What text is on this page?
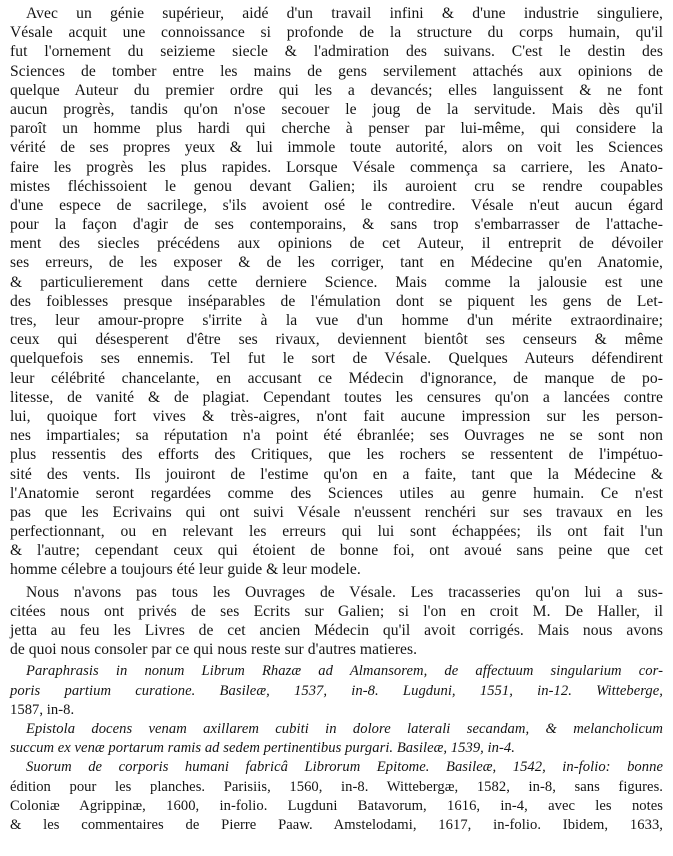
Avec un génie supérieur, aidé d'un travail infini & d'une industrie singuliere,
Vésale acquit une connoissance si profonde de la structure du corps humain, qu'il
fut l'ornement du seizieme siecle & l'admiration des suivans. C'est le destin des
Sciences de tomber entre les mains de gens servilement attachés aux opinions de
quelque Auteur du premier ordre qui les a devancés; elles languissent & ne font
aucun progrès, tandis qu'on n'ose secouer le joug de la servitude. Mais dès qu'il
paroît un homme plus hardi qui cherche à penser par lui-même, qui considere la
vérité de ses propres yeux & lui immole toute autorité, alors on voit les Sciences
faire les progrès les plus rapides. Lorsque Vésale commença sa carriere, les Anato-
mistes fléchissoient le genou devant Galien; ils auroient cru se rendre coupables
d'une espece de sacrilege, s'ils avoient osé le contredire. Vésale n'eut aucun égard
pour la façon d'agir de ses contemporains, & sans trop s'embarrasser de l'attache-
ment des siecles précédens aux opinions de cet Auteur, il entreprit de dévoiler
ses erreurs, de les exposer & de les corriger, tant en Médecine qu'en Anatomie,
& particulierement dans cette derniere Science. Mais comme la jalousie est une
des foiblesses presque inséparables de l'émulation dont se piquent les gens de Let-
tres, leur amour-propre s'irrite à la vue d'un homme d'un mérite extraordinaire;
ceux qui désesperent d'être ses rivaux, deviennent bientôt ses censeurs & même
quelquefois ses ennemis. Tel fut le sort de Vésale. Quelques Auteurs défendirent
leur célébrité chancelante, en accusant ce Médecin d'ignorance, de manque de po-
litesse, de vanité & de plagiat. Cependant toutes les censures qu'on a lancées contre
lui, quoique fort vives & très-aigres, n'ont fait aucune impression sur les person-
nes impartiales; sa réputation n'a point été ébranlée; ses Ouvrages ne se sont non
plus ressentis des efforts des Critiques, que les rochers se ressentent de l'impétuo-
sité des vents. Ils jouiront de l'estime qu'on en a faite, tant que la Médecine &
l'Anatomie seront regardées comme des Sciences utiles au genre humain. Ce n'est
pas que les Ecrivains qui ont suivi Vésale n'eussent renchéri sur ses travaux en les
perfectionnant, ou en relevant les erreurs qui lui sont échappées; ils ont fait l'un
& l'autre; cependant ceux qui étoient de bonne foi, ont avoué sans peine que cet
homme célebre a toujours été leur guide & leur modele.
Nous n'avons pas tous les Ouvrages de Vésale. Les tracasseries qu'on lui a sus-
citées nous ont privés de ses Ecrits sur Galien; si l'on en croit M. De Haller, il
jetta au feu les Livres de cet ancien Médecin qu'il avoit corrigés. Mais nous avons
de quoi nous consoler par ce qui nous reste sur d'autres matieres.
Paraphrasis in nonum Librum Rhazæ ad Almansorem, de affectuum singularium cor-
poris partium curatione. Basileæ, 1537, in-8. Lugduni, 1551, in-12. Witteberge,
1587, in-8.
Epistola docens venam axillarem cubiti in dolore laterali secandam, & melancholicum
succum ex venæ portarum ramis ad sedem pertinentibus purgari. Basileæ, 1539, in-4.
Suorum de corporis humani fabricâ Librorum Epitome. Basileæ, 1542, in-folio: bonne
édition pour les planches. Parisiis, 1560, in-8. Wittebergæ, 1582, in-8, sans figures.
Coloniæ Agrippinæ, 1600, in-folio. Lugduni Batavorum, 1616, in-4, avec les notes
& les commentaires de Pierre Paaw. Amstelodami, 1617, in-folio. Ibidem, 1633,
